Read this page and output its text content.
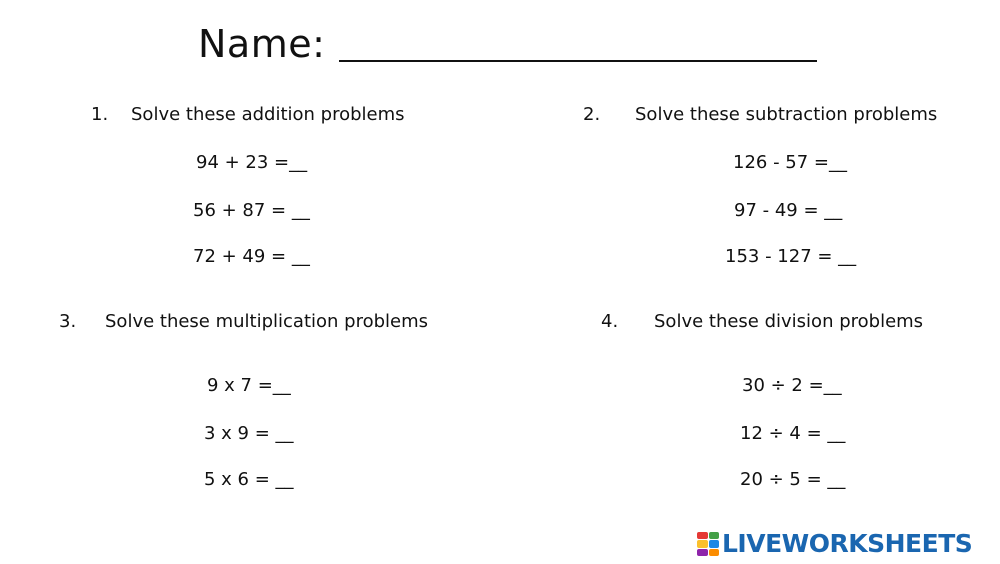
Name:
1. Solve these addition problems
94 + 23 =__
56 + 87 = __
72 + 49 = __
2. Solve these subtraction problems
126 - 57 =__
97 - 49 = __
153 - 127 = __
3. Solve these multiplication problems
9 x 7 =__
3 x 9 = __
5 x 6 = __
4. Solve these division problems
30 ÷ 2 =__
12 ÷ 4 = __
20 ÷ 5 = __
LIVEWORKSHEETS
